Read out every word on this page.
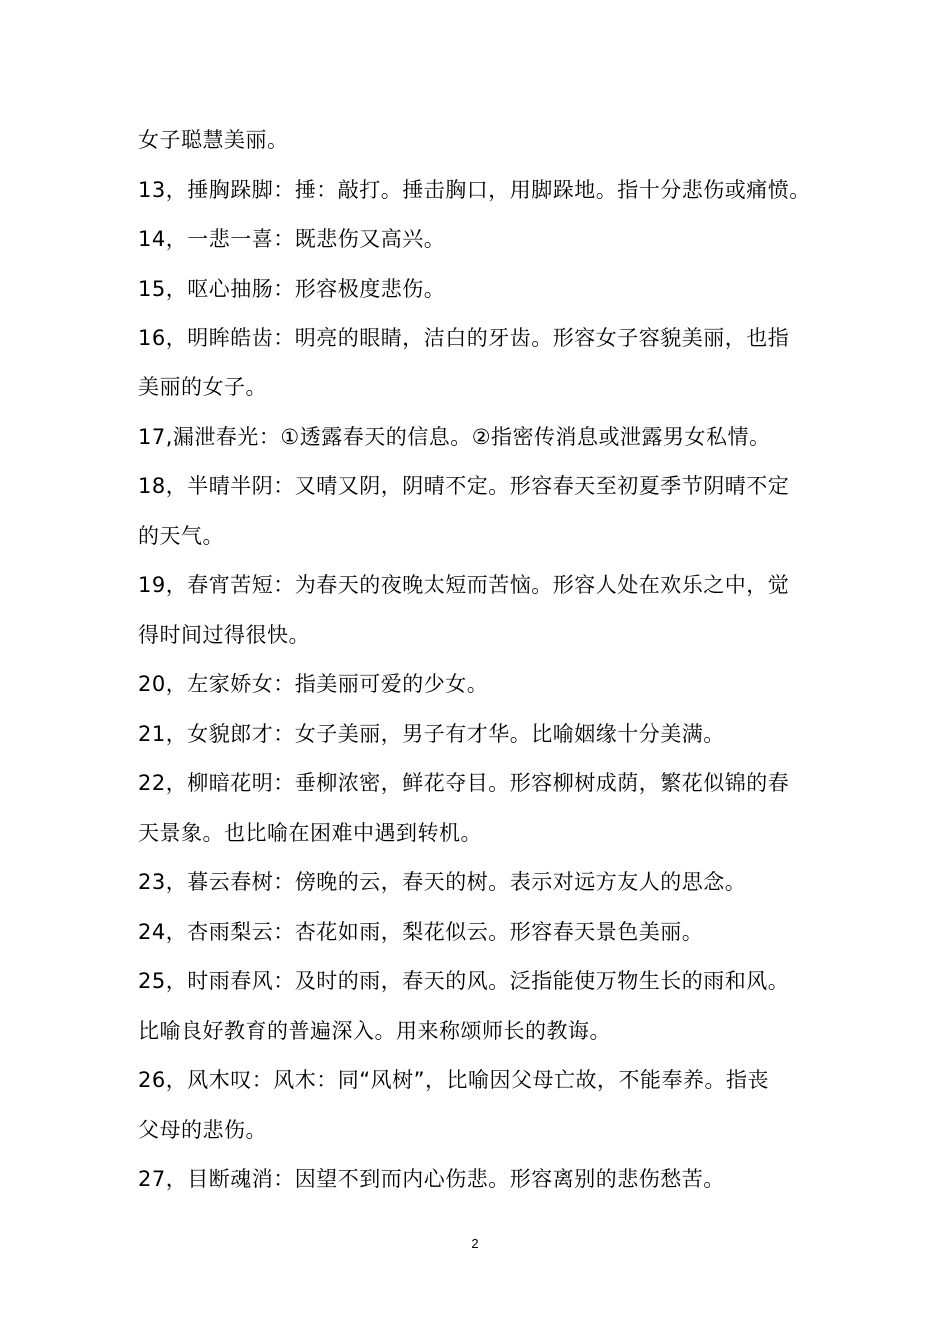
女子聪慧美丽。
13，捶胸跺脚：捶：敲打。捶击胸口，用脚跺地。指十分悲伤或痛愤。
14，一悲一喜：既悲伤又高兴。
15，呕心抽肠：形容极度悲伤。
16，明眸皓齿：明亮的眼睛，洁白的牙齿。形容女子容貌美丽，也指
美丽的女子。
17,漏泄春光：①透露春天的信息。②指密传消息或泄露男女私情。
18，半晴半阴：又晴又阴，阴晴不定。形容春天至初夏季节阴晴不定
的天气。
19，春宵苦短：为春天的夜晚太短而苦恼。形容人处在欢乐之中，觉
得时间过得很快。
20，左家娇女：指美丽可爱的少女。
21，女貌郎才：女子美丽，男子有才华。比喻姻缘十分美满。
22，柳暗花明：垂柳浓密，鲜花夺目。形容柳树成荫，繁花似锦的春
天景象。也比喻在困难中遇到转机。
23，暮云春树：傍晚的云，春天的树。表示对远方友人的思念。
24，杏雨梨云：杏花如雨，梨花似云。形容春天景色美丽。
25，时雨春风：及时的雨，春天的风。泛指能使万物生长的雨和风。
比喻良好教育的普遍深入。用来称颂师长的教诲。
26，风木叹：风木：同“风树”，比喻因父母亡故，不能奉养。指丧
父母的悲伤。
27，目断魂消：因望不到而内心伤悲。形容离别的悲伤愁苦。
2
